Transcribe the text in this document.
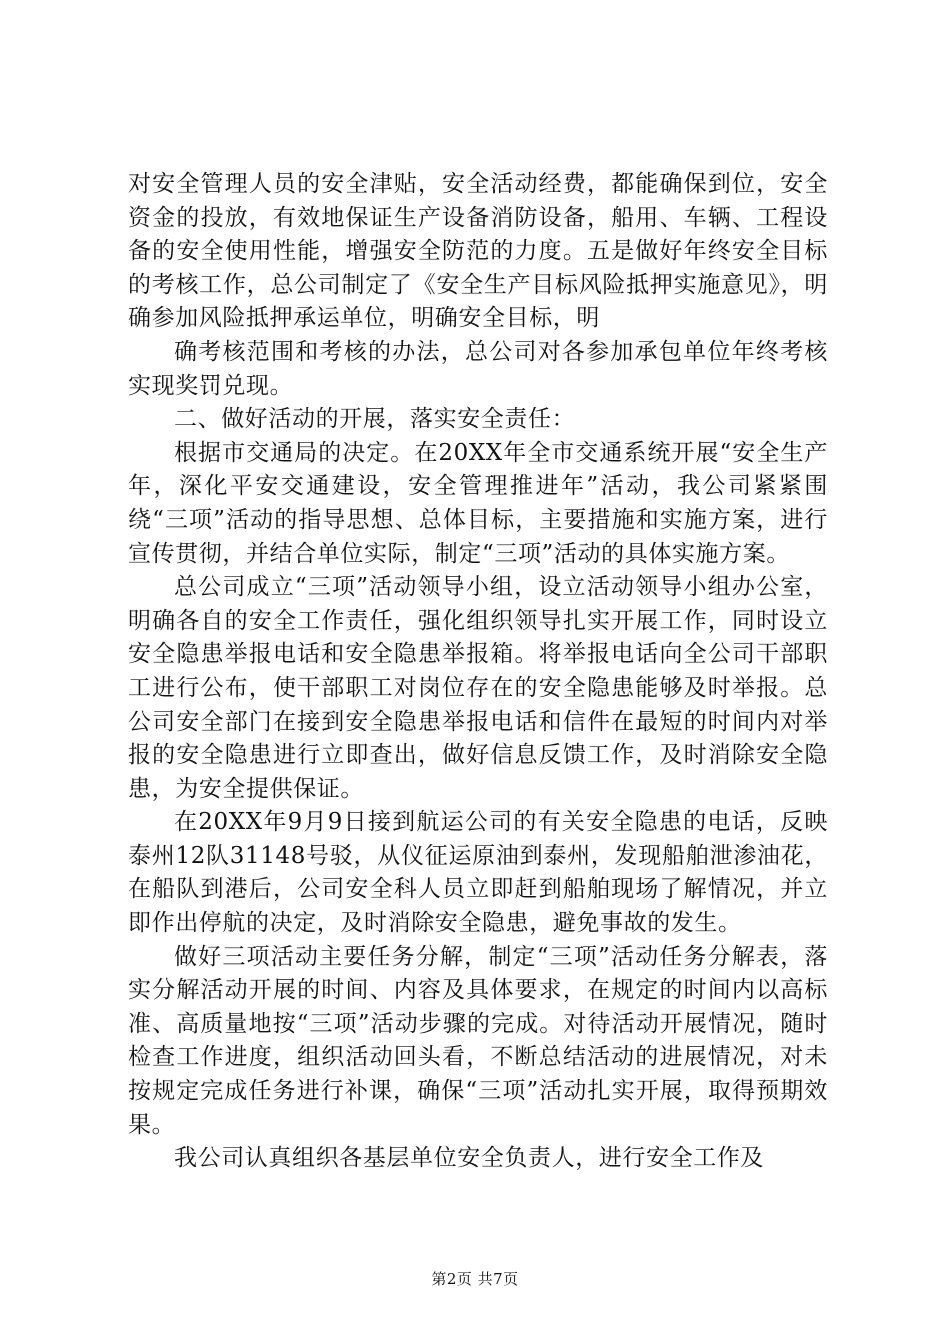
对安全管理人员的安全津贴，安全活动经费，都能确保到位，安全资金的投放，有效地保证生产设备消防设备，船用、车辆、工程设备的安全使用性能，增强安全防范的力度。五是做好年终安全目标的考核工作，总公司制定了《安全生产目标风险抵押实施意见》，明确参加风险抵押承运单位，明确安全目标，明

确考核范围和考核的办法，总公司对各参加承包单位年终考核实现奖罚兑现。

二、做好活动的开展，落实安全责任：

根据市交通局的决定。在20XX年全市交通系统开展“安全生产年，深化平安交通建设，安全管理推进年”活动，我公司紧紧围绕“三项”活动的指导思想、总体目标，主要措施和实施方案，进行宣传贯彻，并结合单位实际，制定“三项”活动的具体实施方案。

总公司成立“三项”活动领导小组，设立活动领导小组办公室，明确各自的安全工作责任，强化组织领导扎实开展工作，同时设立安全隐患举报电话和安全隐患举报箱。将举报电话向全公司干部职工进行公布，使干部职工对岗位存在的安全隐患能够及时举报。总公司安全部门在接到安全隐患举报电话和信件在最短的时间内对举报的安全隐患进行立即查出，做好信息反馈工作，及时消除安全隐患，为安全提供保证。

在20XX年9月9日接到航运公司的有关安全隐患的电话，反映泰州12队31148号驳，从仪征运原油到泰州，发现船舶泄渗油花，在船队到港后，公司安全科人员立即赶到船舶现场了解情况，并立即作出停航的决定，及时消除安全隐患，避免事故的发生。

做好三项活动主要任务分解，制定“三项”活动任务分解表，落实分解活动开展的时间、内容及具体要求，在规定的时间内以高标准、高质量地按“三项”活动步骤的完成。对待活动开展情况，随时检查工作进度，组织活动回头看，不断总结活动的进展情况，对未按规定完成任务进行补课，确保“三项”活动扎实开展，取得预期效果。

我公司认真组织各基层单位安全负责人，进行安全工作及

第2页 共7页
